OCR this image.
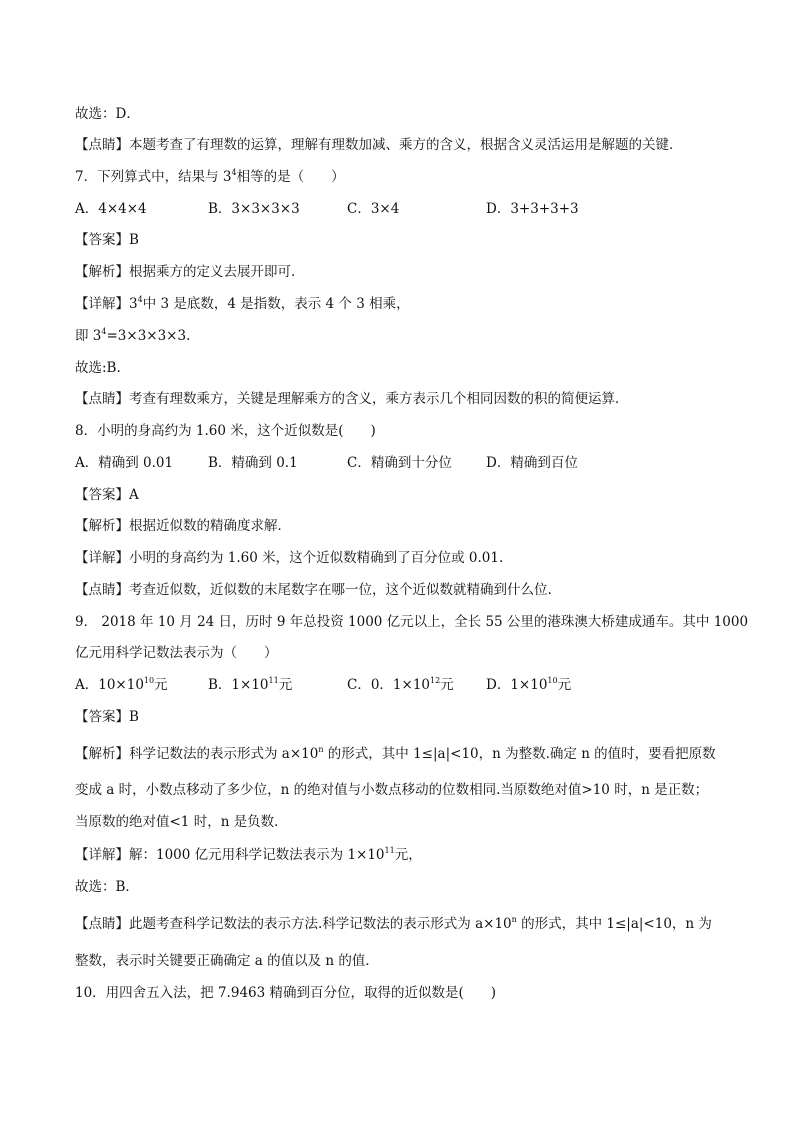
故选：D．
【点睛】本题考查了有理数的运算，理解有理数加减、乘方的含义，根据含义灵活运用是解题的关键．
7．下列算式中，结果与 $3^4$相等的是（　　）
A．4×4×4	B．3×3×3×3	C．3×4	D．3+3+3+3
【答案】B
【解析】根据乘方的定义去展开即可．
【详解】$3^4$中 3 是底数，4 是指数，表示 4 个 3 相乘，
即 $3^4=3\times 3\times 3\times 3$.
故选:B.
【点睛】考查有理数乘方，关键是理解乘方的含义，乘方表示几个相同因数的积的简便运算．
8．小明的身高约为 1.60 米，这个近似数是(　　)
A．精确到 0.01	B．精确到 0.1	C．精确到十分位	D．精确到百位
【答案】A
【解析】根据近似数的精确度求解．
【详解】小明的身高约为 1.60 米，这个近似数精确到了百分位或 0.01.
【点睛】考查近似数，近似数的末尾数字在哪一位，这个近似数就精确到什么位.
9． 2018 年 10 月 24 日，历时 9 年总投资 1000 亿元以上，全长 55 公里的港珠澳大桥建成通车。其中 1000
亿元用科学记数法表示为（　　）
A．$10\times 10^{10}$元	B．$1\times 10^{11}$元	C．0．$1\times 10^{12}$元 D．$1\times 10^{10}$元
【答案】B
【解析】科学记数法的表示形式为 $a\times 10^n$ 的形式，其中 1≤|a|<10，n 为整数.确定 n 的值时，要看把原数
变成 a 时，小数点移动了多少位，n 的绝对值与小数点移动的位数相同.当原数绝对值>10 时，n 是正数；
当原数的绝对值<1 时，n 是负数．
【详解】解：1000 亿元用科学记数法表示为 $1\times 10^{11}$元，
故选：B．
【点睛】此题考查科学记数法的表示方法.科学记数法的表示形式为 $a\times 10^n$ 的形式，其中 1≤|a|<10，n 为
整数，表示时关键要正确确定 a 的值以及 n 的值．
10．用四舍五入法，把 7.9463 精确到百分位，取得的近似数是(　　)
